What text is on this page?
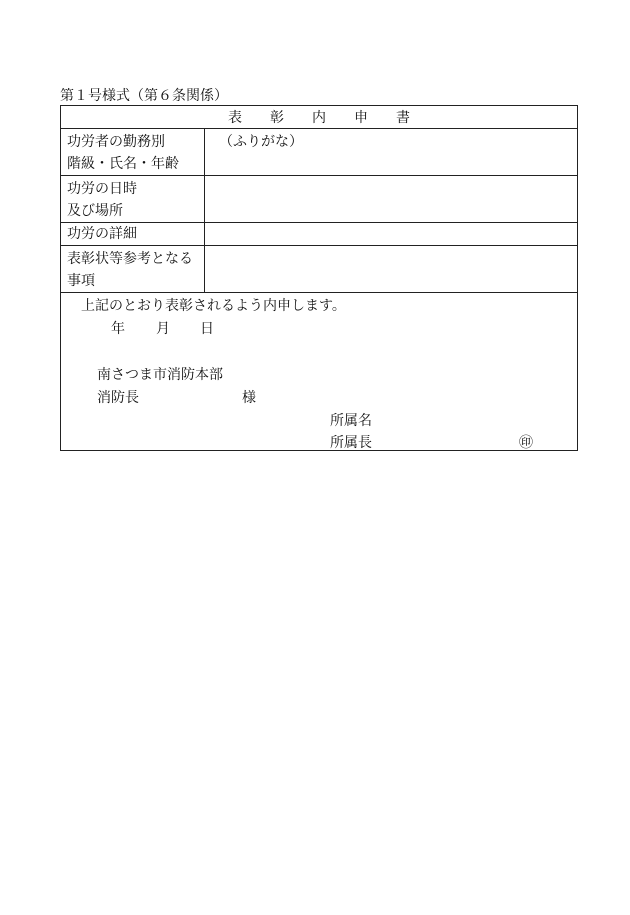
第１号様式（第６条関係）
表 彰 内 申 書
功労者の勤務別
階級・氏名・年齢
（ふりがな）
功労の日時
及び場所
功労の詳細
表彰状等参考となる
事項
上記のとおり表彰されるよう内申します。
年 月 日
南さつま市消防本部
消防長	様
所属名
所属長	㊞
